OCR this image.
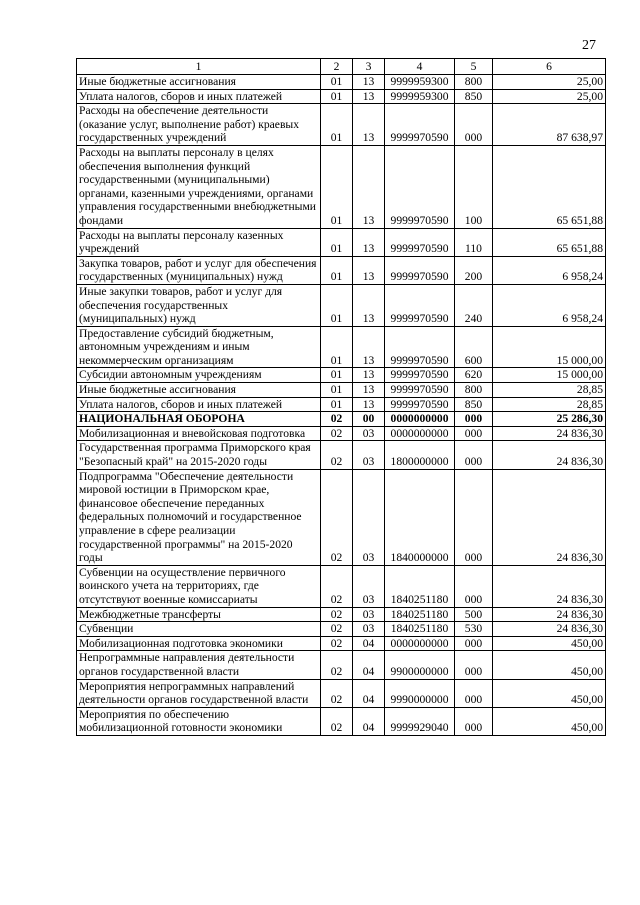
27
1	2	3	4	5	6
Иные бюджетные ассигнования	01	13	9999959300	800	25,00
Уплата налогов, сборов и иных платежей	01	13	9999959300	850	25,00
Расходы на обеспечение деятельности (оказание услуг, выполнение работ) краевых государственных учреждений	01	13	9999970590	000	87 638,97
Расходы на выплаты персоналу в целях обеспечения выполнения функций государственными (муниципальными) органами, казенными учреждениями, органами управления государственными внебюджетными фондами	01	13	9999970590	100	65 651,88
Расходы на выплаты персоналу казенных учреждений	01	13	9999970590	110	65 651,88
Закупка товаров, работ и услуг для обеспечения государственных (муниципальных) нужд	01	13	9999970590	200	6 958,24
Иные закупки товаров, работ и услуг для обеспечения государственных (муниципальных) нужд	01	13	9999970590	240	6 958,24
Предоставление субсидий бюджетным, автономным учреждениям и иным некоммерческим организациям	01	13	9999970590	600	15 000,00
Субсидии автономным учреждениям	01	13	9999970590	620	15 000,00
Иные бюджетные ассигнования	01	13	9999970590	800	28,85
Уплата налогов, сборов и иных платежей	01	13	9999970590	850	28,85
НАЦИОНАЛЬНАЯ ОБОРОНА	02	00	0000000000	000	25 286,30
Мобилизационная и вневойсковая подготовка	02	03	0000000000	000	24 836,30
Государственная программа Приморского края "Безопасный край" на 2015-2020 годы	02	03	1800000000	000	24 836,30
Подпрограмма "Обеспечение деятельности мировой юстиции в Приморском крае, финансовое обеспечение переданных федеральных полномочий и государственное управление в сфере реализации государственной программы" на 2015-2020 годы	02	03	1840000000	000	24 836,30
Субвенции на осуществление первичного воинского учета на территориях, где отсутствуют военные комиссариаты	02	03	1840251180	000	24 836,30
Межбюджетные трансферты	02	03	1840251180	500	24 836,30
Субвенции	02	03	1840251180	530	24 836,30
Мобилизационная подготовка экономики	02	04	0000000000	000	450,00
Непрограммные направления деятельности органов государственной власти	02	04	9900000000	000	450,00
Мероприятия непрограммных направлений деятельности органов государственной власти	02	04	9990000000	000	450,00
Мероприятия по обеспечению мобилизационной готовности экономики	02	04	9999929040	000	450,00
